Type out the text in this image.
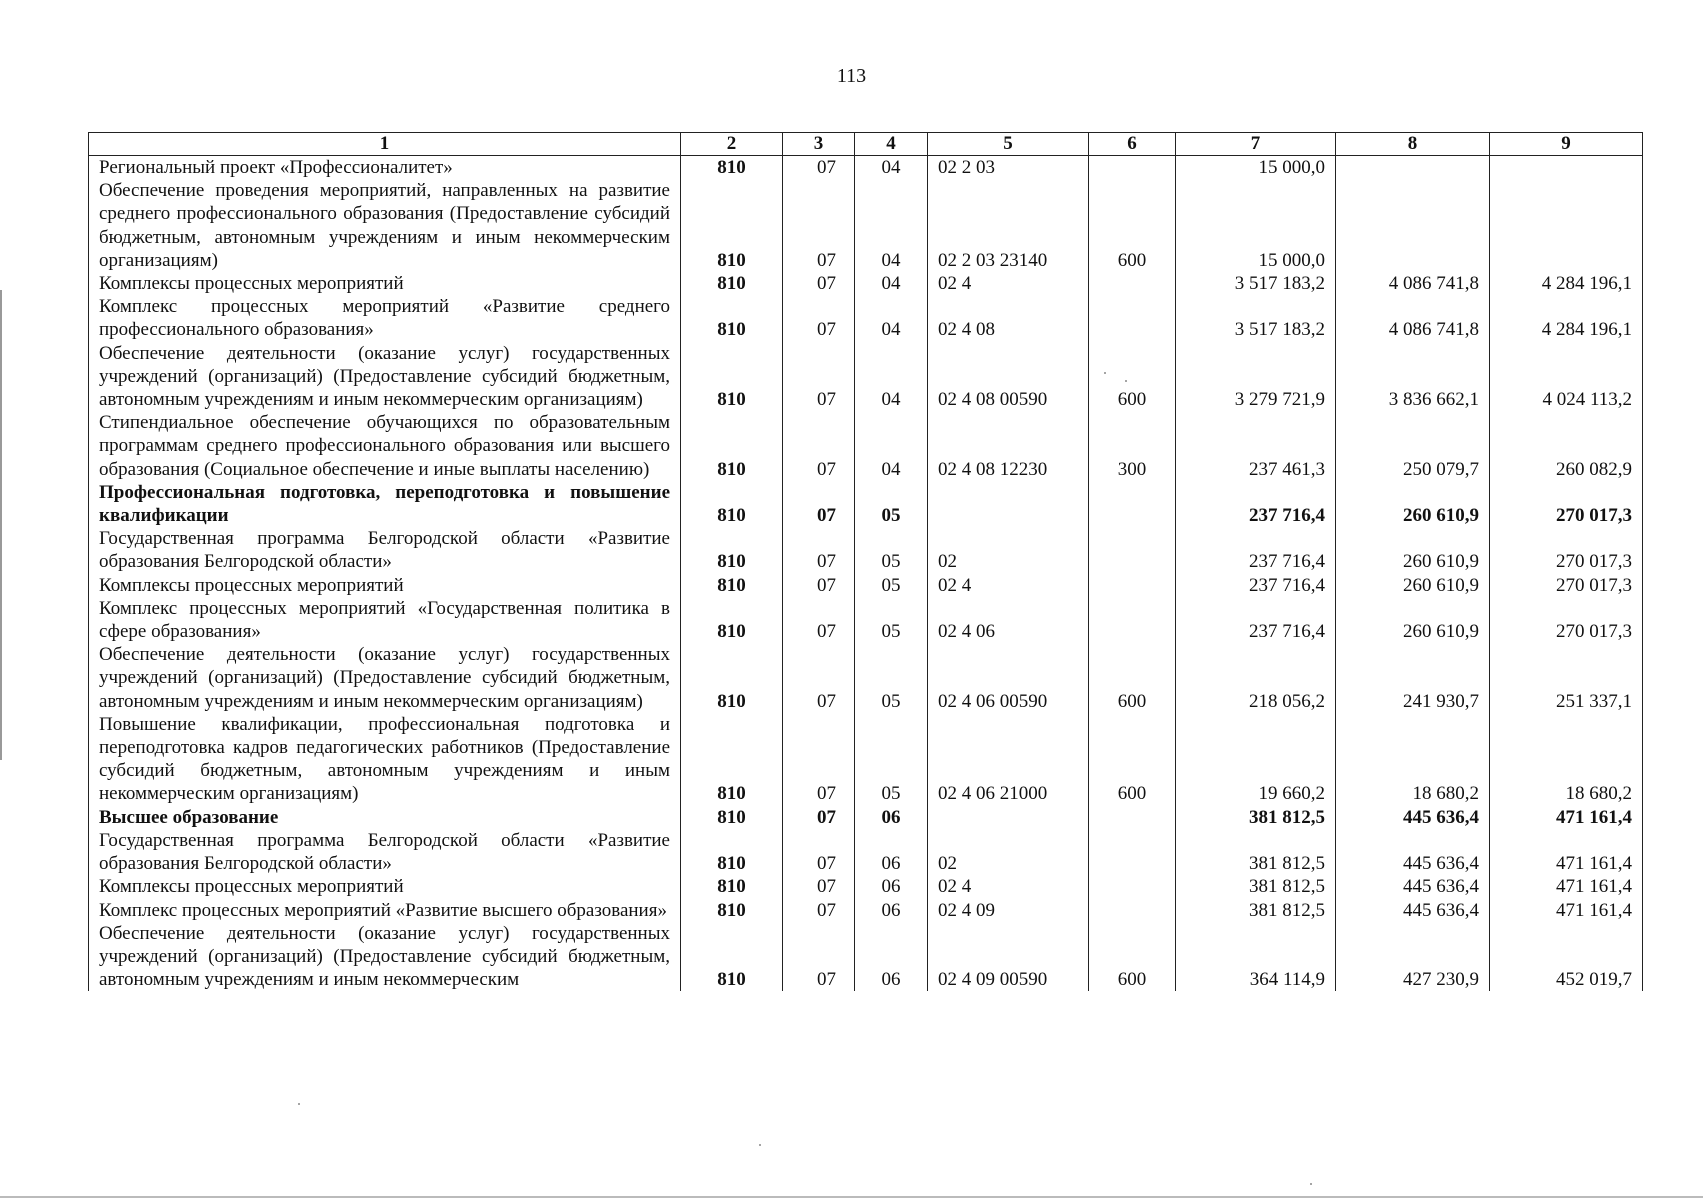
113
1	2	3	4	5	6	7	8	9
Региональный проект «Профессионалитет»	810	07	04	02 2 03		15 000,0		
Обеспечение проведения мероприятий, направленных на развитие среднего профессионального образования (Предоставление субсидий бюджетным, автономным учреждениям и иным некоммерческим организациям)	810	07	04	02 2 03 23140	600	15 000,0		
Комплексы процессных мероприятий	810	07	04	02 4		3 517 183,2	4 086 741,8	4 284 196,1
Комплекс процессных мероприятий «Развитие среднего профессионального образования»	810	07	04	02 4 08		3 517 183,2	4 086 741,8	4 284 196,1
Обеспечение деятельности (оказание услуг) государственных учреждений (организаций) (Предоставление субсидий бюджетным, автономным учреждениям и иным некоммерческим организациям)	810	07	04	02 4 08 00590	600	3 279 721,9	3 836 662,1	4 024 113,2
Стипендиальное обеспечение обучающихся по образовательным программам среднего профессионального образования или высшего образования (Социальное обеспечение и иные выплаты населению)	810	07	04	02 4 08 12230	300	237 461,3	250 079,7	260 082,9
Профессиональная подготовка, переподготовка и повышение квалификации	810	07	05			237 716,4	260 610,9	270 017,3
Государственная программа Белгородской области «Развитие образования Белгородской области»	810	07	05	02		237 716,4	260 610,9	270 017,3
Комплексы процессных мероприятий	810	07	05	02 4		237 716,4	260 610,9	270 017,3
Комплекс процессных мероприятий «Государственная политика в сфере образования»	810	07	05	02 4 06		237 716,4	260 610,9	270 017,3
Обеспечение деятельности (оказание услуг) государственных учреждений (организаций) (Предоставление субсидий бюджетным, автономным учреждениям и иным некоммерческим организациям)	810	07	05	02 4 06 00590	600	218 056,2	241 930,7	251 337,1
Повышение квалификации, профессиональная подготовка и переподготовка кадров педагогических работников (Предоставление субсидий бюджетным, автономным учреждениям и иным некоммерческим организациям)	810	07	05	02 4 06 21000	600	19 660,2	18 680,2	18 680,2
Высшее образование	810	07	06			381 812,5	445 636,4	471 161,4
Государственная программа Белгородской области «Развитие образования Белгородской области»	810	07	06	02		381 812,5	445 636,4	471 161,4
Комплексы процессных мероприятий	810	07	06	02 4		381 812,5	445 636,4	471 161,4
Комплекс процессных мероприятий «Развитие высшего образования»	810	07	06	02 4 09		381 812,5	445 636,4	471 161,4
Обеспечение деятельности (оказание услуг) государственных учреждений (организаций) (Предоставление субсидий бюджетным, автономным учреждениям и иным некоммерческим	810	07	06	02 4 09 00590	600	364 114,9	427 230,9	452 019,7
